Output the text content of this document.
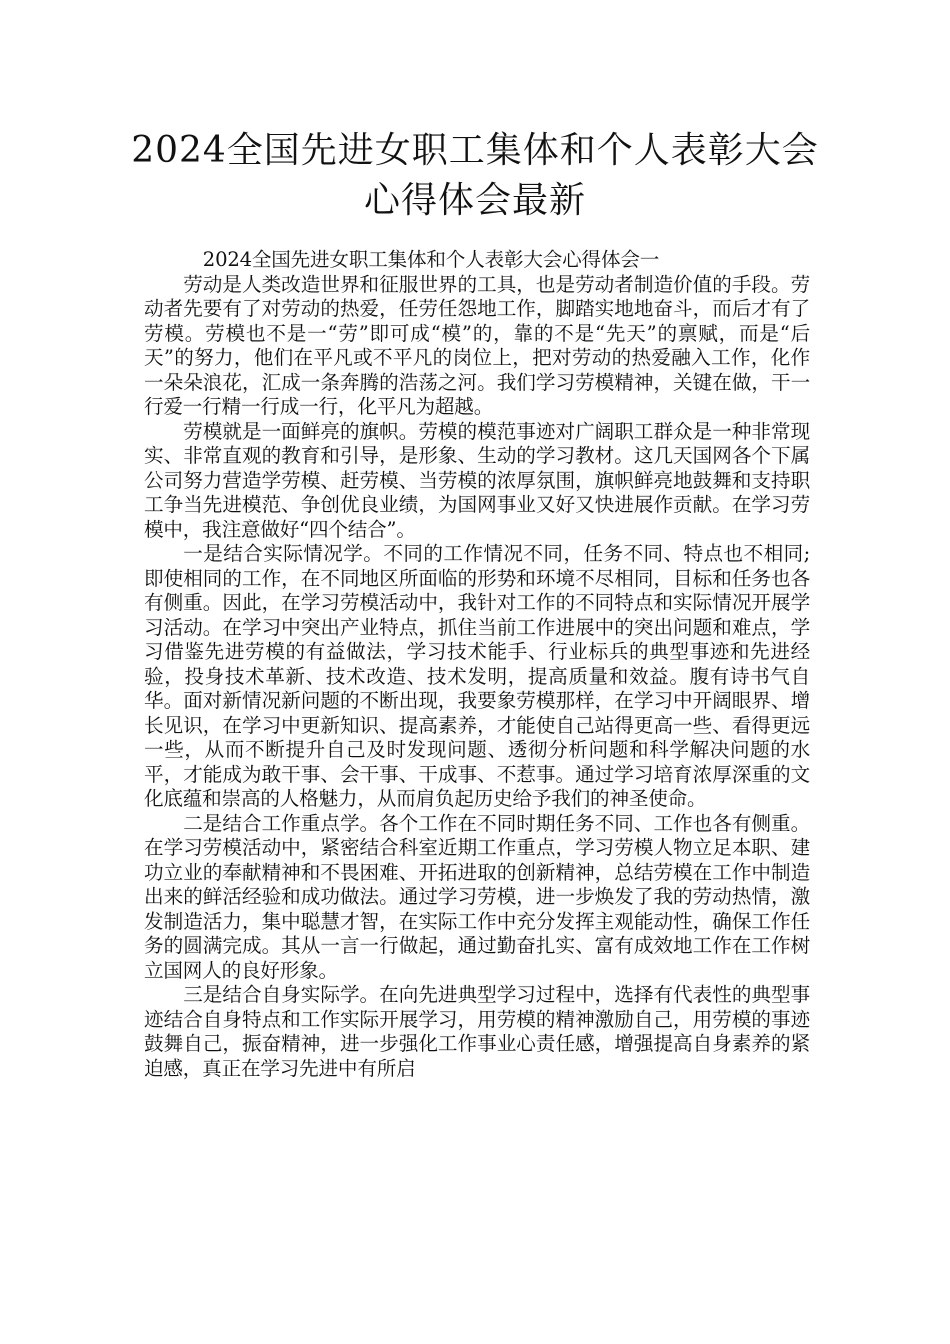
2024全国先进女职工集体和个人表彰大会
心得体会最新

2024全国先进女职工集体和个人表彰大会心得体会一

劳动是人类改造世界和征服世界的工具，也是劳动者制造价值的手段。劳动者先要有了对劳动的热爱，任劳任怨地工作，脚踏实地地奋斗，而后才有了劳模。劳模也不是一“劳”即可成“模”的，靠的不是“先天”的禀赋，而是“后天”的努力，他们在平凡或不平凡的岗位上，把对劳动的热爱融入工作，化作一朵朵浪花，汇成一条奔腾的浩荡之河。我们学习劳模精神，关键在做，干一行爱一行精一行成一行，化平凡为超越。

劳模就是一面鲜亮的旗帜。劳模的模范事迹对广阔职工群众是一种非常现实、非常直观的教育和引导，是形象、生动的学习教材。这几天国网各个下属公司努力营造学劳模、赶劳模、当劳模的浓厚氛围，旗帜鲜亮地鼓舞和支持职工争当先进模范、争创优良业绩，为国网事业又好又快进展作贡献。在学习劳模中，我注意做好“四个结合”。

一是结合实际情况学。不同的工作情况不同，任务不同、特点也不相同;即使相同的工作，在不同地区所面临的形势和环境不尽相同，目标和任务也各有侧重。因此，在学习劳模活动中，我针对工作的不同特点和实际情况开展学习活动。在学习中突出产业特点，抓住当前工作进展中的突出问题和难点，学习借鉴先进劳模的有益做法，学习技术能手、行业标兵的典型事迹和先进经验，投身技术革新、技术改造、技术发明，提高质量和效益。腹有诗书气自华。面对新情况新问题的不断出现，我要象劳模那样，在学习中开阔眼界、增长见识，在学习中更新知识、提高素养，才能使自己站得更高一些、看得更远一些，从而不断提升自己及时发现问题、透彻分析问题和科学解决问题的水平，才能成为敢干事、会干事、干成事、不惹事。通过学习培育浓厚深重的文化底蕴和崇高的人格魅力，从而肩负起历史给予我们的神圣使命。

二是结合工作重点学。各个工作在不同时期任务不同、工作也各有侧重。在学习劳模活动中，紧密结合科室近期工作重点，学习劳模人物立足本职、建功立业的奉献精神和不畏困难、开拓进取的创新精神，总结劳模在工作中制造出来的鲜活经验和成功做法。通过学习劳模，进一步焕发了我的劳动热情，激发制造活力，集中聪慧才智，在实际工作中充分发挥主观能动性，确保工作任务的圆满完成。其从一言一行做起，通过勤奋扎实、富有成效地工作在工作树立国网人的良好形象。

三是结合自身实际学。在向先进典型学习过程中，选择有代表性的典型事迹结合自身特点和工作实际开展学习，用劳模的精神激励自己，用劳模的事迹鼓舞自己，振奋精神，进一步强化工作事业心责任感，增强提高自身素养的紧迫感，真正在学习先进中有所启
